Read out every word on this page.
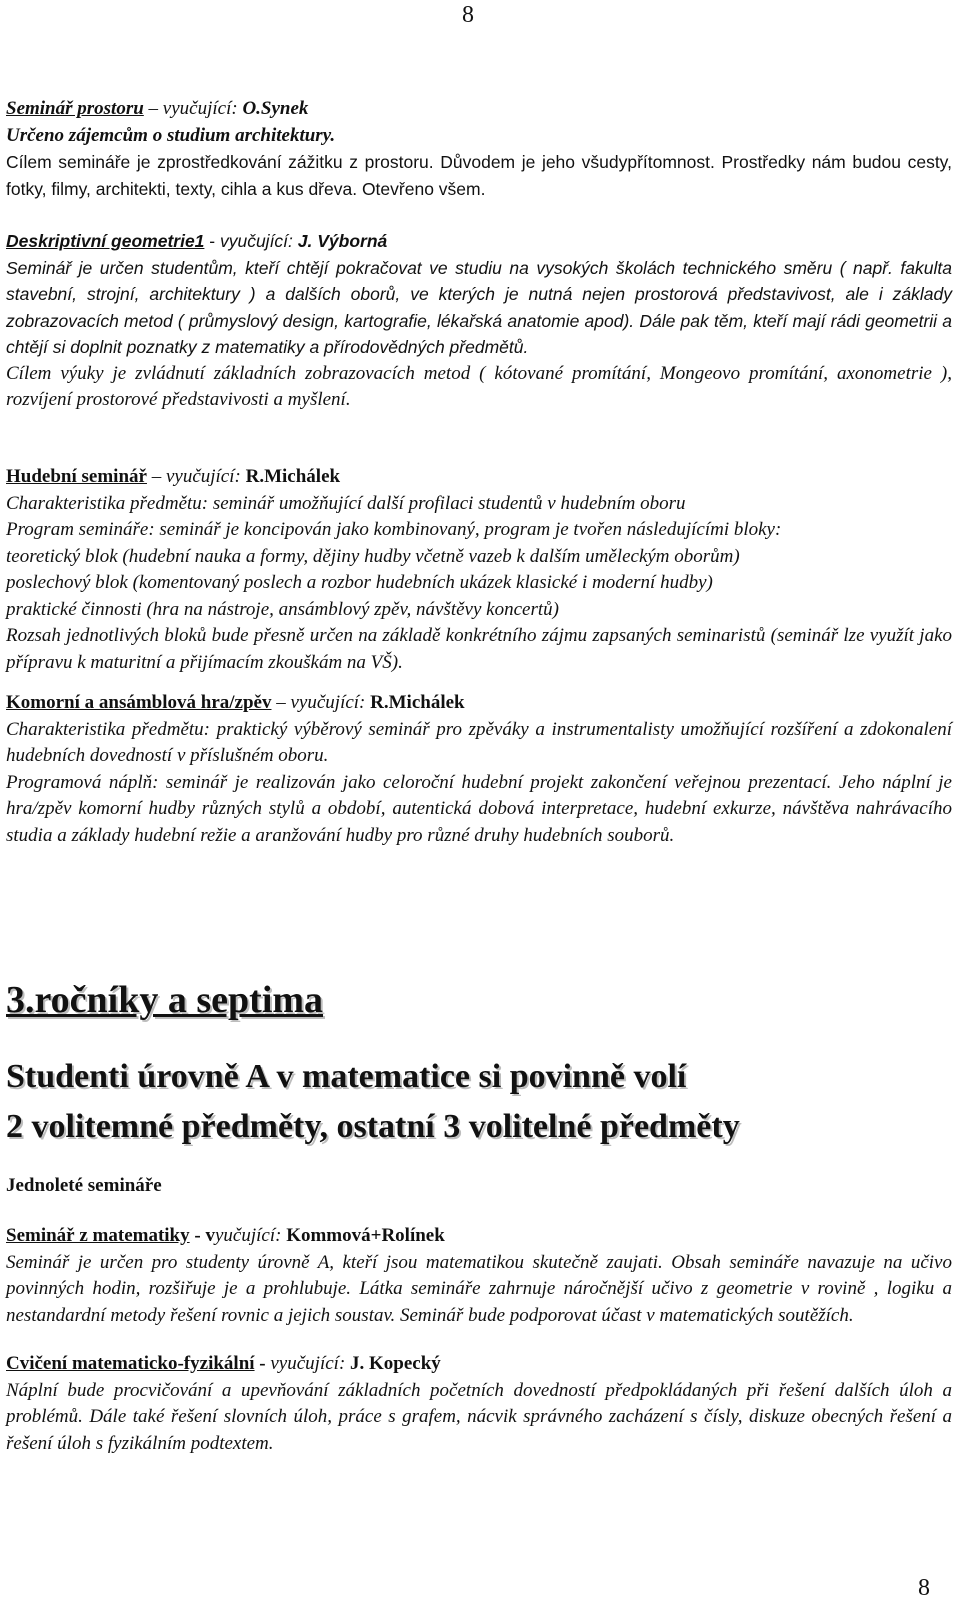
8

Seminář prostoru – vyučující: O.Synek

Určeno zájemcům o studium architektury.

Cílem semináře je zprostředkování zážitku z prostoru. Důvodem je jeho všudypřítomnost. Prostředky nám budou cesty, fotky, filmy, architekti, texty, cihla a kus dřeva. Otevřeno všem.

Deskriptivní geometrie1 - vyučující: J. Výborná

Seminář je určen studentům, kteří chtějí pokračovat ve studiu na vysokých školách technického směru ( např. fakulta stavební, strojní, architektury ) a dalších oborů, ve kterých je nutná nejen prostorová představivost, ale i základy zobrazovacích metod ( průmyslový design, kartografie, lékařská anatomie apod). Dále pak těm, kteří mají rádi geometrii a chtějí si doplnit poznatky z matematiky a přírodovědných předmětů.

Cílem výuky je zvládnutí základních zobrazovacích metod ( kótované promítání, Mongeovo promítání, axonometrie ), rozvíjení prostorové představivosti a myšlení.

Hudební seminář – vyučující: R.Michálek

Charakteristika předmětu: seminář umožňující další profilaci studentů v hudebním oboru

Program semináře: seminář je koncipován jako kombinovaný, program je tvořen následujícími bloky:

teoretický blok (hudební nauka a formy, dějiny hudby včetně vazeb k dalším uměleckým oborům)

poslechový blok (komentovaný poslech a rozbor hudebních ukázek klasické i moderní hudby)

praktické činnosti (hra na nástroje, ansámblový zpěv, návštěvy koncertů)

Rozsah jednotlivých bloků bude přesně určen na základě konkrétního zájmu zapsaných seminaristů (seminář lze využít jako přípravu k maturitní a přijímacím zkouškám na VŠ).

Komorní a ansámblová hra/zpěv – vyučující: R.Michálek

Charakteristika předmětu: praktický výběrový seminář pro zpěváky a instrumentalisty umožňující rozšíření a zdokonalení hudebních dovedností v příslušném oboru.

Programová náplň: seminář je realizován jako celoroční hudební projekt zakončení veřejnou prezentací. Jeho náplní je hra/zpěv komorní hudby různých stylů a období, autentická dobová interpretace, hudební exkurze, návštěva nahrávacího studia a základy hudební režie a aranžování hudby pro různé druhy hudebních souborů.

3.ročníky a septima
Studenti úrovně A v matematice si povinně volí
2 volitemné předměty, ostatní 3 volitelné předměty
Jednoleté semináře

Seminář z matematiky - vyučující: Kommová+Rolínek

Seminář je určen pro studenty úrovně A, kteří jsou matematikou skutečně zaujati. Obsah semináře navazuje na učivo povinných hodin, rozšiřuje je a prohlubuje. Látka semináře zahrnuje náročnější učivo z geometrie v rovině , logiku a nestandardní metody řešení rovnic a jejich soustav. Seminář bude podporovat účast v matematických soutěžích.

Cvičení matematicko-fyzikální - vyučující: J. Kopecký

Náplní bude procvičování a upevňování základních početních dovedností předpokládaných při řešení dalších úloh a problémů. Dále také řešení slovních úloh, práce s grafem, nácvik správného zacházení s čísly, diskuze obecných řešení a řešení úloh s fyzikálním podtextem.

8
